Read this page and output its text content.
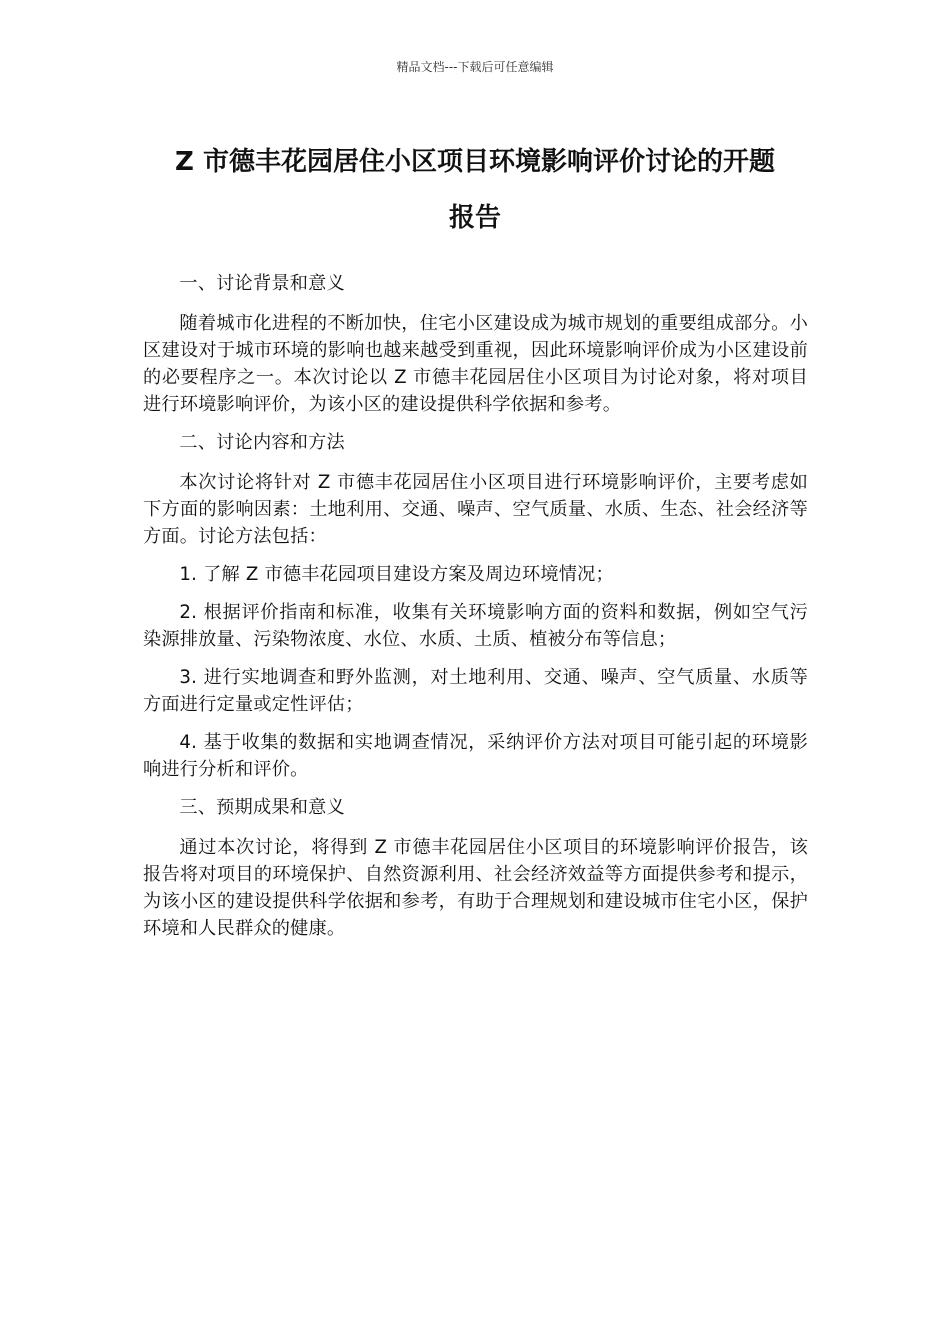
精品文档---下载后可任意编辑
Z 市德丰花园居住小区项目环境影响评价讨论的开题
报告

一、讨论背景和意义

随着城市化进程的不断加快，住宅小区建设成为城市规划的重要组成部分。小区建设对于城市环境的影响也越来越受到重视，因此环境影响评价成为小区建设前的必要程序之一。本次讨论以 Z 市德丰花园居住小区项目为讨论对象，将对项目进行环境影响评价，为该小区的建设提供科学依据和参考。

二、讨论内容和方法

本次讨论将针对 Z 市德丰花园居住小区项目进行环境影响评价，主要考虑如下方面的影响因素：土地利用、交通、噪声、空气质量、水质、生态、社会经济等方面。讨论方法包括：

1. 了解 Z 市德丰花园项目建设方案及周边环境情况；

2. 根据评价指南和标准，收集有关环境影响方面的资料和数据，例如空气污染源排放量、污染物浓度、水位、水质、土质、植被分布等信息；

3. 进行实地调查和野外监测，对土地利用、交通、噪声、空气质量、水质等方面进行定量或定性评估；

4. 基于收集的数据和实地调查情况，采纳评价方法对项目可能引起的环境影响进行分析和评价。

三、预期成果和意义

通过本次讨论，将得到 Z 市德丰花园居住小区项目的环境影响评价报告，该报告将对项目的环境保护、自然资源利用、社会经济效益等方面提供参考和提示，为该小区的建设提供科学依据和参考，有助于合理规划和建设城市住宅小区，保护环境和人民群众的健康。
